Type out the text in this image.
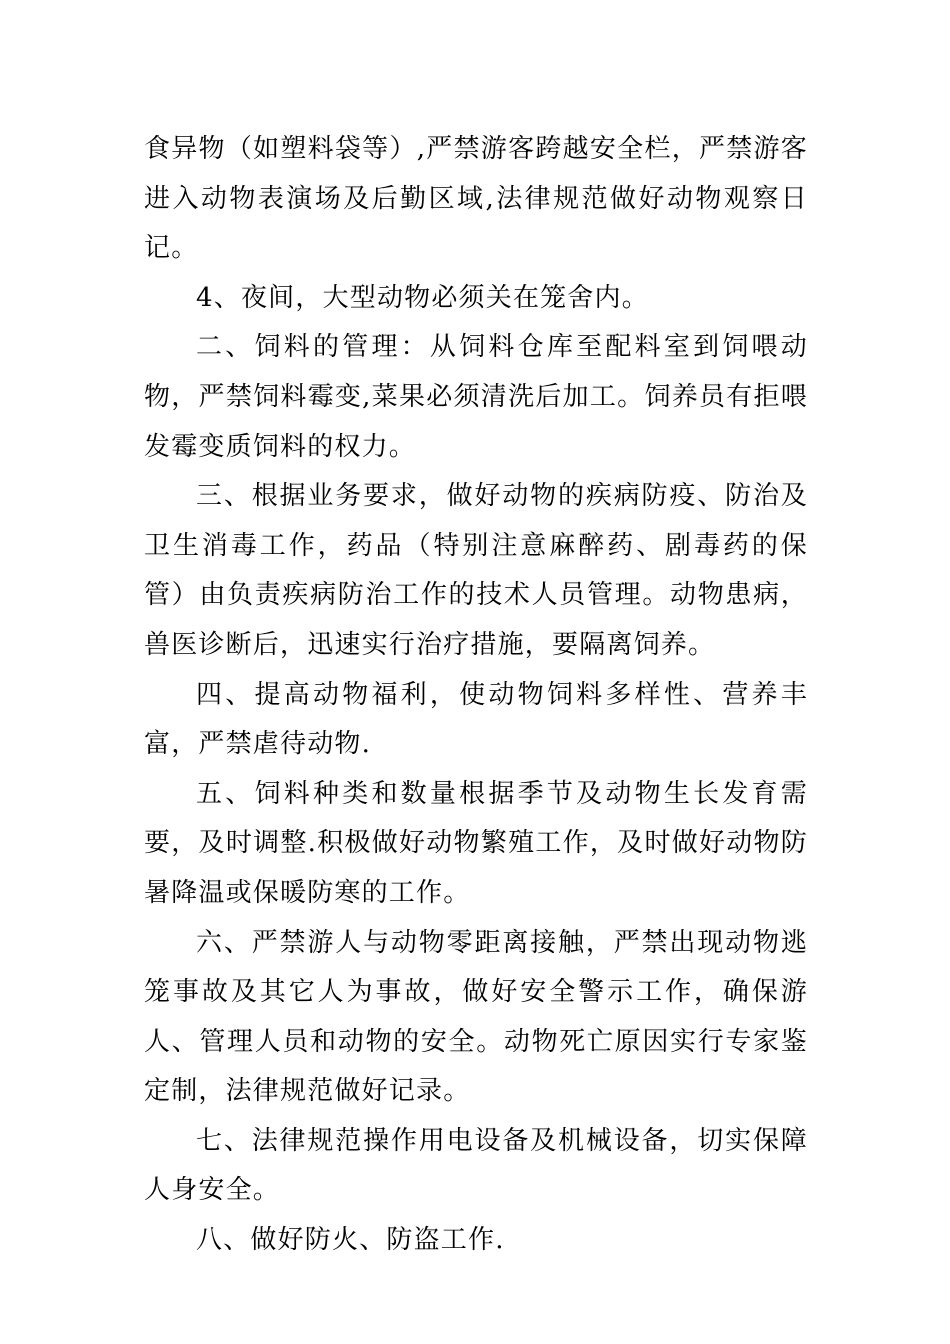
食异物（如塑料袋等）,严禁游客跨越安全栏，严禁游客进入动物表演场及后勤区域,法律规范做好动物观察日记。

4、夜间，大型动物必须关在笼舍内。

二、饲料的管理：从饲料仓库至配料室到饲喂动物，严禁饲料霉变,菜果必须清洗后加工。饲养员有拒喂发霉变质饲料的权力。

三、根据业务要求，做好动物的疾病防疫、防治及卫生消毒工作，药品（特别注意麻醉药、剧毒药的保管）由负责疾病防治工作的技术人员管理。动物患病，兽医诊断后，迅速实行治疗措施，要隔离饲养。

四、提高动物福利，使动物饲料多样性、营养丰富，严禁虐待动物.

五、饲料种类和数量根据季节及动物生长发育需要，及时调整.积极做好动物繁殖工作，及时做好动物防暑降温或保暖防寒的工作。

六、严禁游人与动物零距离接触，严禁出现动物逃笼事故及其它人为事故，做好安全警示工作，确保游人、管理人员和动物的安全。动物死亡原因实行专家鉴定制，法律规范做好记录。

七、法律规范操作用电设备及机械设备，切实保障人身安全。

八、做好防火、防盗工作.
